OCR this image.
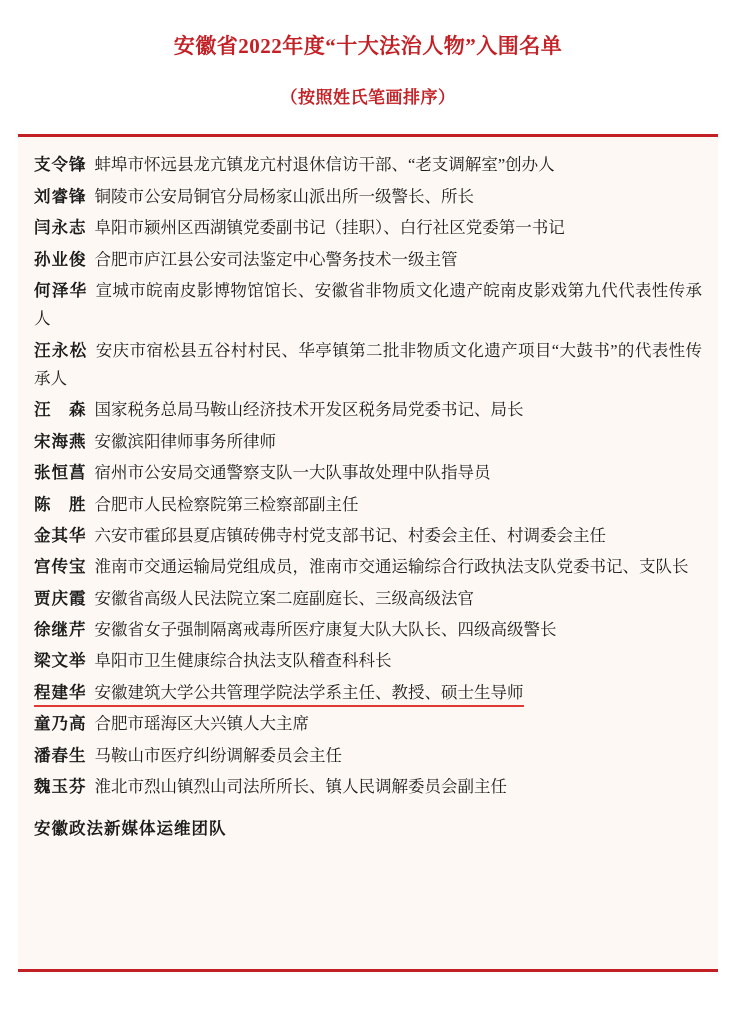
安徽省2022年度“十大法治人物”入围名单
（按照姓氏笔画排序）
支令锋 蚌埠市怀远县龙亢镇龙亢村退休信访干部、“老支调解室”创办人
刘睿锋 铜陵市公安局铜官分局杨家山派出所一级警长、所长
闫永志 阜阳市颍州区西湖镇党委副书记（挂职）、白行社区党委第一书记
孙业俊 合肥市庐江县公安司法鉴定中心警务技术一级主管
何泽华 宣城市皖南皮影博物馆馆长、安徽省非物质文化遗产皖南皮影戏第九代代表性传承人
汪永松 安庆市宿松县五谷村村民、华亭镇第二批非物质文化遗产项目“大鼓书”的代表性传承人
汪　森 国家税务总局马鞍山经济技术开发区税务局党委书记、局长
宋海燕 安徽滨阳律师事务所律师
张恒菖 宿州市公安局交通警察支队一大队事故处理中队指导员
陈　胜 合肥市人民检察院第三检察部副主任
金其华 六安市霍邱县夏店镇砖佛寺村党支部书记、村委会主任、村调委会主任
宫传宝 淮南市交通运输局党组成员，淮南市交通运输综合行政执法支队党委书记、支队长
贾庆霞 安徽省高级人民法院立案二庭副庭长、三级高级法官
徐继芹 安徽省女子强制隔离戒毒所医疗康复大队大队长、四级高级警长
梁文举 阜阳市卫生健康综合执法支队稽查科科长
程建华 安徽建筑大学公共管理学院法学系主任、教授、硕士生导师
童乃高 合肥市瑶海区大兴镇人大主席
潘春生 马鞍山市医疗纠纷调解委员会主任
魏玉芬 淮北市烈山镇烈山司法所所长、镇人民调解委员会副主任
安徽政法新媒体运维团队
